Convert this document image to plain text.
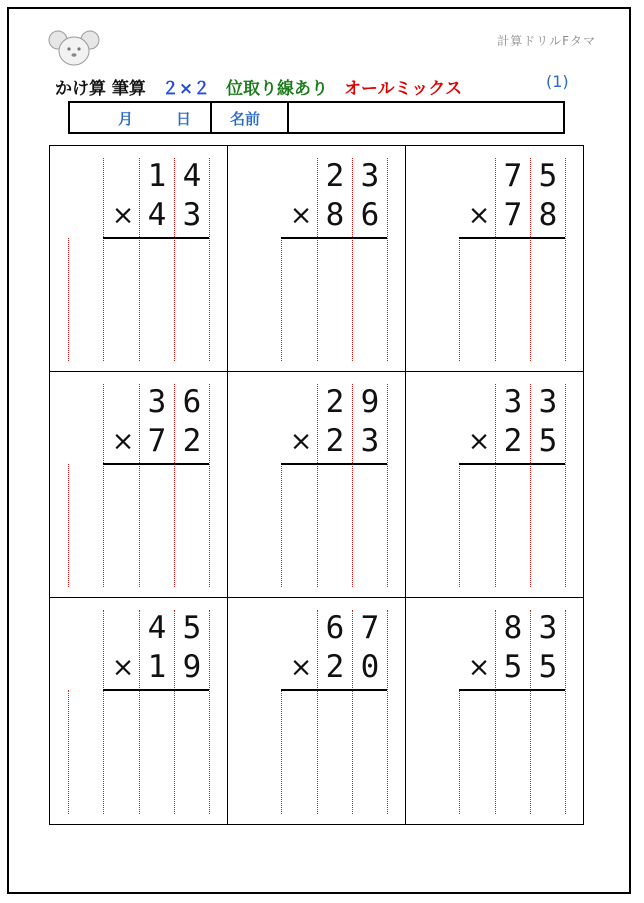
計算ドリルFタマ
かけ算 筆算 ２×２ 位取り線あり オールミックス	(1)
月	日	名前
1 4
4 3
×
2 3
8 6
×
7 5
7 8
×
3 6
7 2
×
2 9
2 3
×
3 3
2 5
×
4 5
1 9
×
6 7
2 0
×
8 3
5 5
×
